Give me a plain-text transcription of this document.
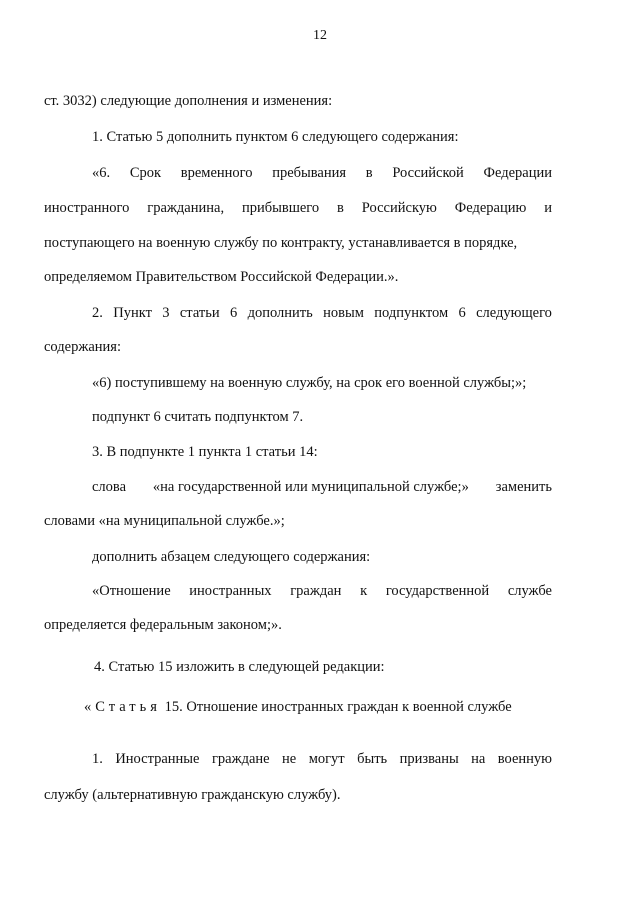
12
ст. 3032) следующие дополнения и изменения:
1. Статью 5 дополнить пунктом 6 следующего содержания:
«6. Срок временного пребывания в Российской Федерации
иностранного гражданина, прибывшего в Российскую Федерацию и
поступающего на военную службу по контракту, устанавливается в порядке,
определяемом Правительством Российской Федерации.».
2. Пункт 3 статьи 6 дополнить новым подпунктом 6 следующего
содержания:
«6) поступившему на военную службу, на срок его военной службы;»;
подпункт 6 считать подпунктом 7.
3. В подпункте 1 пункта 1 статьи 14:
слова «на государственной или муниципальной службе;» заменить
словами «на муниципальной службе.»;
дополнить абзацем следующего содержания:
«Отношение иностранных граждан к государственной службе
определяется федеральным законом;».
4. Статью 15 изложить в следующей редакции:
«Статья 15. Отношение иностранных граждан к военной службе
1. Иностранные граждане не могут быть призваны на военную
службу (альтернативную гражданскую службу).
